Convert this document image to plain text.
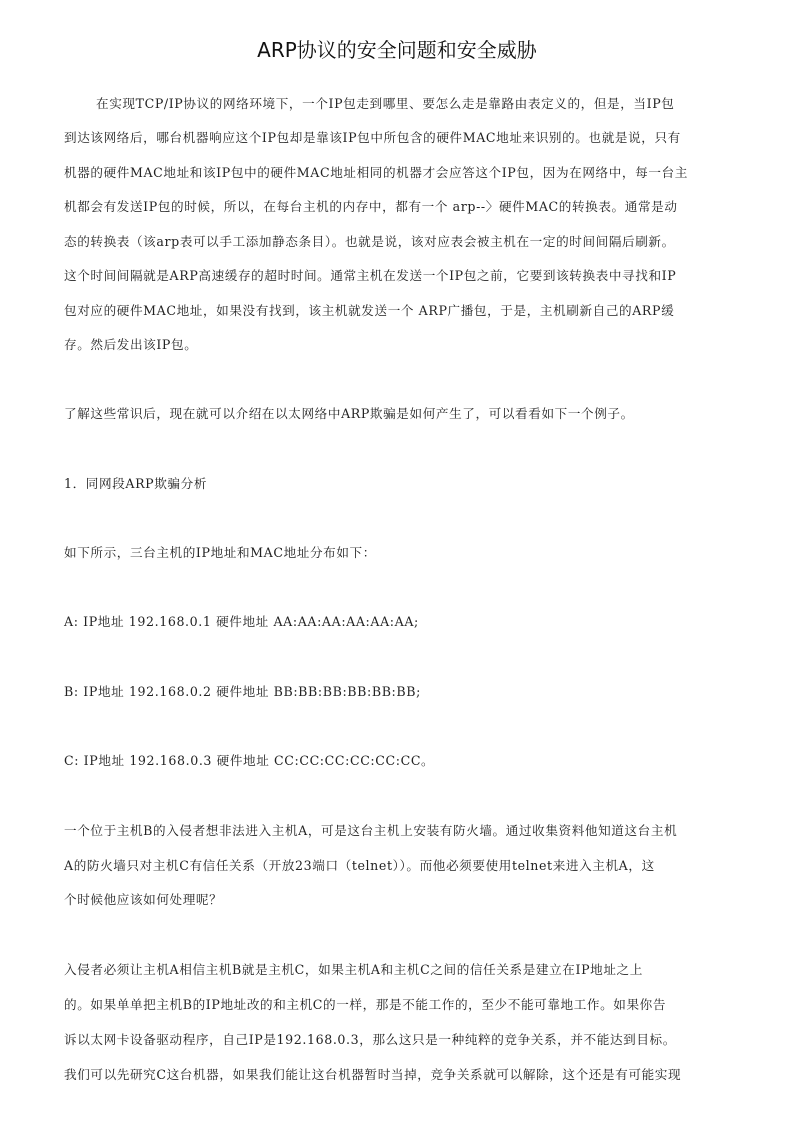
ARP协议的安全问题和安全威胁
在实现TCP/IP协议的网络环境下，一个IP包走到哪里、要怎么走是靠路由表定义的，但是，当IP包
到达该网络后，哪台机器响应这个IP包却是靠该IP包中所包含的硬件MAC地址来识别的。也就是说，只有
机器的硬件MAC地址和该IP包中的硬件MAC地址相同的机器才会应答这个IP包，因为在网络中，每一台主
机都会有发送IP包的时候，所以，在每台主机的内存中，都有一个 arp--〉硬件MAC的转换表。通常是动
态的转换表（该arp表可以手工添加静态条目）。也就是说，该对应表会被主机在一定的时间间隔后刷新。
这个时间间隔就是ARP高速缓存的超时时间。通常主机在发送一个IP包之前，它要到该转换表中寻找和IP
包对应的硬件MAC地址，如果没有找到，该主机就发送一个 ARP广播包，于是，主机刷新自己的ARP缓
存。然后发出该IP包。
了解这些常识后，现在就可以介绍在以太网络中ARP欺骗是如何产生了，可以看看如下一个例子。
1．同网段ARP欺骗分析
如下所示，三台主机的IP地址和MAC地址分布如下：
A: IP地址 192.168.0.1 硬件地址 AA:AA:AA:AA:AA:AA;
B: IP地址 192.168.0.2 硬件地址 BB:BB:BB:BB:BB:BB;
C: IP地址 192.168.0.3 硬件地址 CC:CC:CC:CC:CC:CC。
一个位于主机B的入侵者想非法进入主机A，可是这台主机上安装有防火墙。通过收集资料他知道这台主机
A的防火墙只对主机C有信任关系（开放23端口（telnet））。而他必须要使用telnet来进入主机A，这
个时候他应该如何处理呢？
入侵者必须让主机A相信主机B就是主机C，如果主机A和主机C之间的信任关系是建立在IP地址之上
的。如果单单把主机B的IP地址改的和主机C的一样，那是不能工作的，至少不能可靠地工作。如果你告
诉以太网卡设备驱动程序，自己IP是192.168.0.3，那么这只是一种纯粹的竞争关系，并不能达到目标。
我们可以先研究C这台机器，如果我们能让这台机器暂时当掉，竞争关系就可以解除，这个还是有可能实现
